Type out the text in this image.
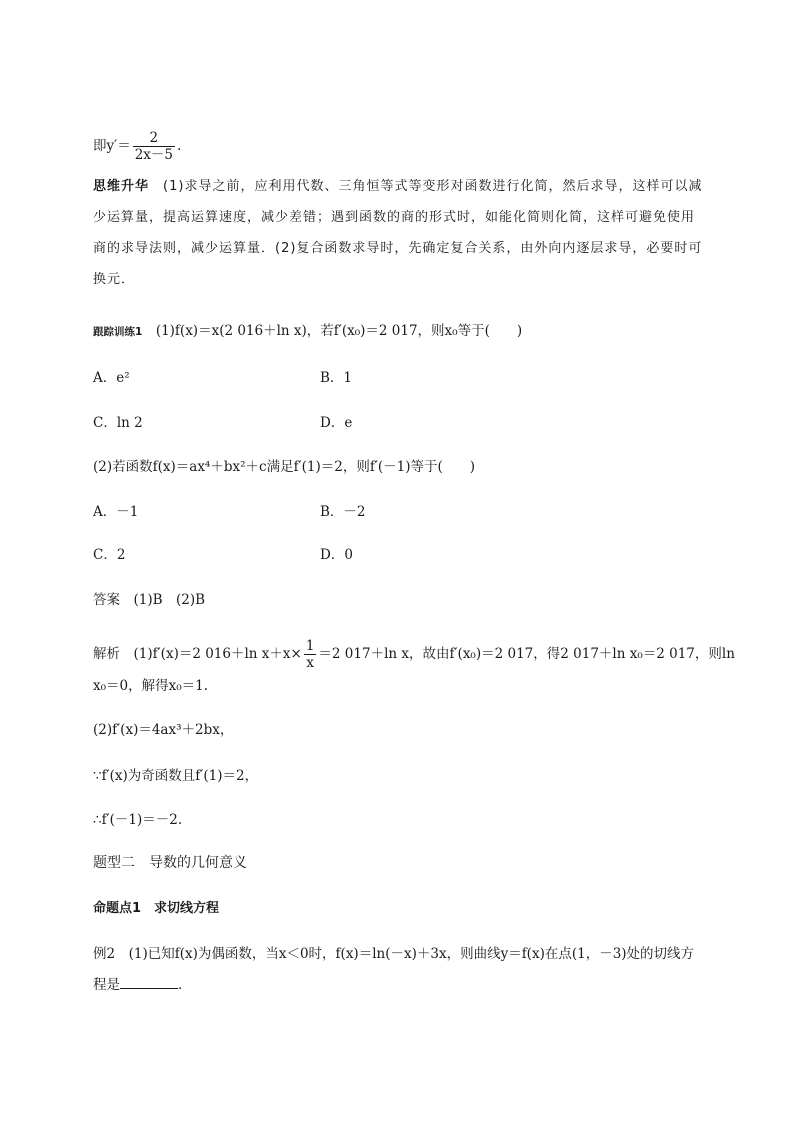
即$y'= \frac{2}{2x-5}$ .
思维升华　 (1)求导之前，应利用代数、三角恒等式等变形对函数进行化简，然后求导，这样可以减
少运算量，提高运算速度，减少差错；遇到函数的商的形式时，如能化简则化简，这样可避免使用
商的求导法则，减少运算量．(2)复合函数求导时，先确定复合关系，由外向内逐层求导，必要时可
换元．
跟踪训练1　 (1)f(x)＝x(2 016＋ln x)，若f′(x₀)＝2 017，则x₀等于(　　)
A．e²	B．1
C．ln 2	D．e
(2)若函数f(x)＝ax⁴＋bx²＋c满足f′(1)＝2，则f′(－1)等于(　　)
A．－1	B．－2
C．2	D．0
答案　 (1)B　(2)B
解析　 (1)f′(x)＝2 016＋ln $x+x\times \frac{1}{x} =2$ 017＋ln x，故由f′(x₀)＝2 017，得2 017＋ln x₀＝2 017，则ln
x₀＝0，解得x₀＝1.
(2)f′(x)＝4ax³＋2bx，
∵f′(x)为奇函数且f′(1)＝2，
∴f′(－1)＝－2.
题型二　导数的几何意义
命题点1　求切线方程
例2　(1)已知f(x)为偶函数，当x＜0时，f(x)＝ln(－x)＋3x，则曲线y＝f(x)在点(1，－3)处的切线方
程是	．
